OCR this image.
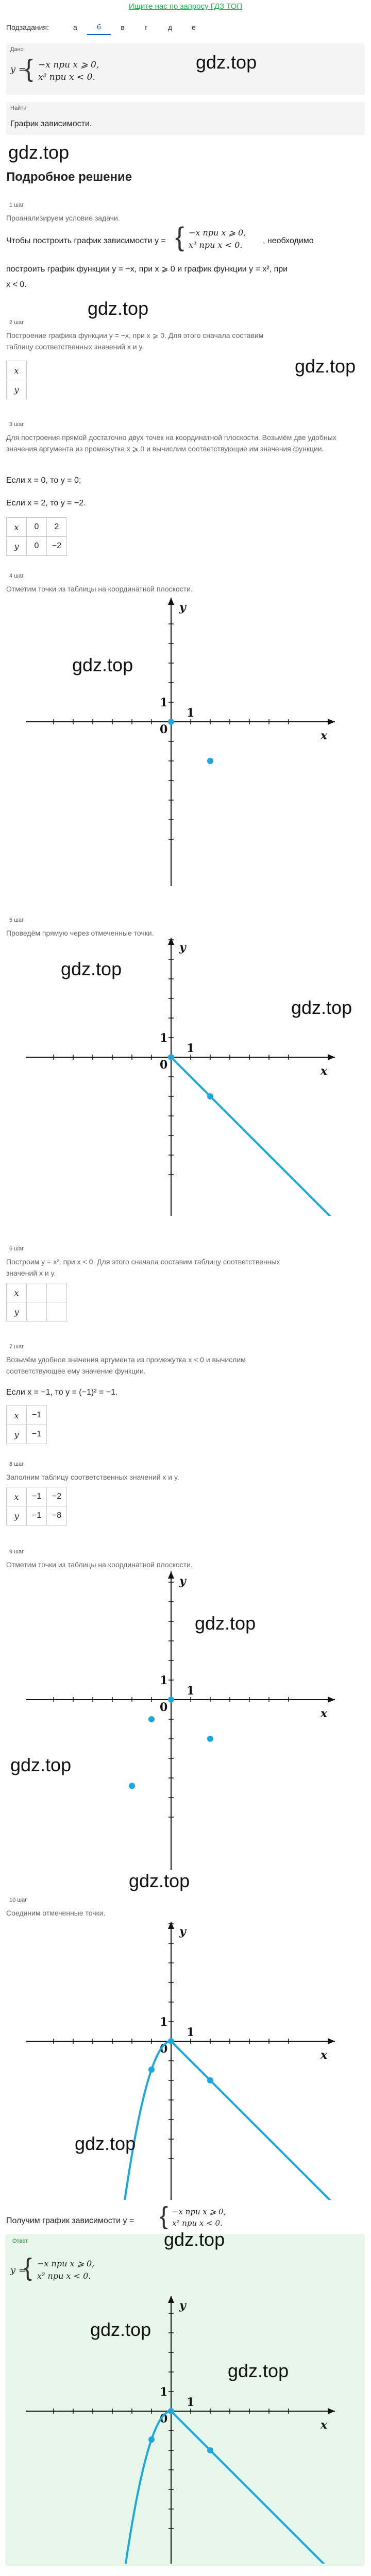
Ищите нас по запросу ГДЗ ТОП
Подзадания:	а	б	в	г	д	е
Дано
y =
{ −x при x ⩾ 0,
x² при x < 0.
Найти
График зависимости.
gdz.top
gdz.top
Подробное решение
1 шаг
Проанализируем условие задачи.
Чтобы построить график зависимости y = { −x при x ⩾ 0,
x² при x < 0.	, необходимо
построить график функции y = −x, при x ⩾ 0 и график функции y = x², при
x < 0.
gdz.top
2 шаг
Построение графика функции y = −x, при x ⩾ 0. Для этого сначала составим таблицу соответственных значений x и y.
gdz.top
x
y
3 шаг
Для построения прямой достаточно двух точек на координатной плоскости. Возьмём две удобных значения аргумента из промежутка x ⩾ 0 и вычислим соответствующие им значения функции.
Если x = 0, то y = 0;
Если x = 2, то y = −2.
x	0	2
y	0	−2
4 шаг
Отметим точки из таблицы на координатной плоскости.
x
y
1
1
0
gdz.top
5 шаг
Проведём прямую через отмеченные точки.
x
y
1
1
0
gdz.top
gdz.top
6 шаг
Построим y = x², при x < 0. Для этого сначала составим таблицу соответственных значений x и y.
x		
y		
7 шаг
Возьмём удобное значения аргумента из промежутка x < 0 и вычислим соответствующее ему значение функции.
Если x = −1, то y = (−1)² = −1.
x	−1
y	−1
8 шаг
Заполним таблицу соответственных значений x и y.
x	−1	−2
y	−1	−8
9 шаг
Отметим точки из таблицы на координатной плоскости.
x
y
1
1
0
gdz.top
gdz.top
gdz.top
10 шаг
Соединим отмеченные точки.
x
y
1
1
0
gdz.top
Получим график зависимости y = { −x при x ⩾ 0,
x² при x < 0.
gdz.top
Ответ
y =
{ −x при x ⩾ 0,
x² при x < 0.
x
y
1
1
0
gdz.top
gdz.top
